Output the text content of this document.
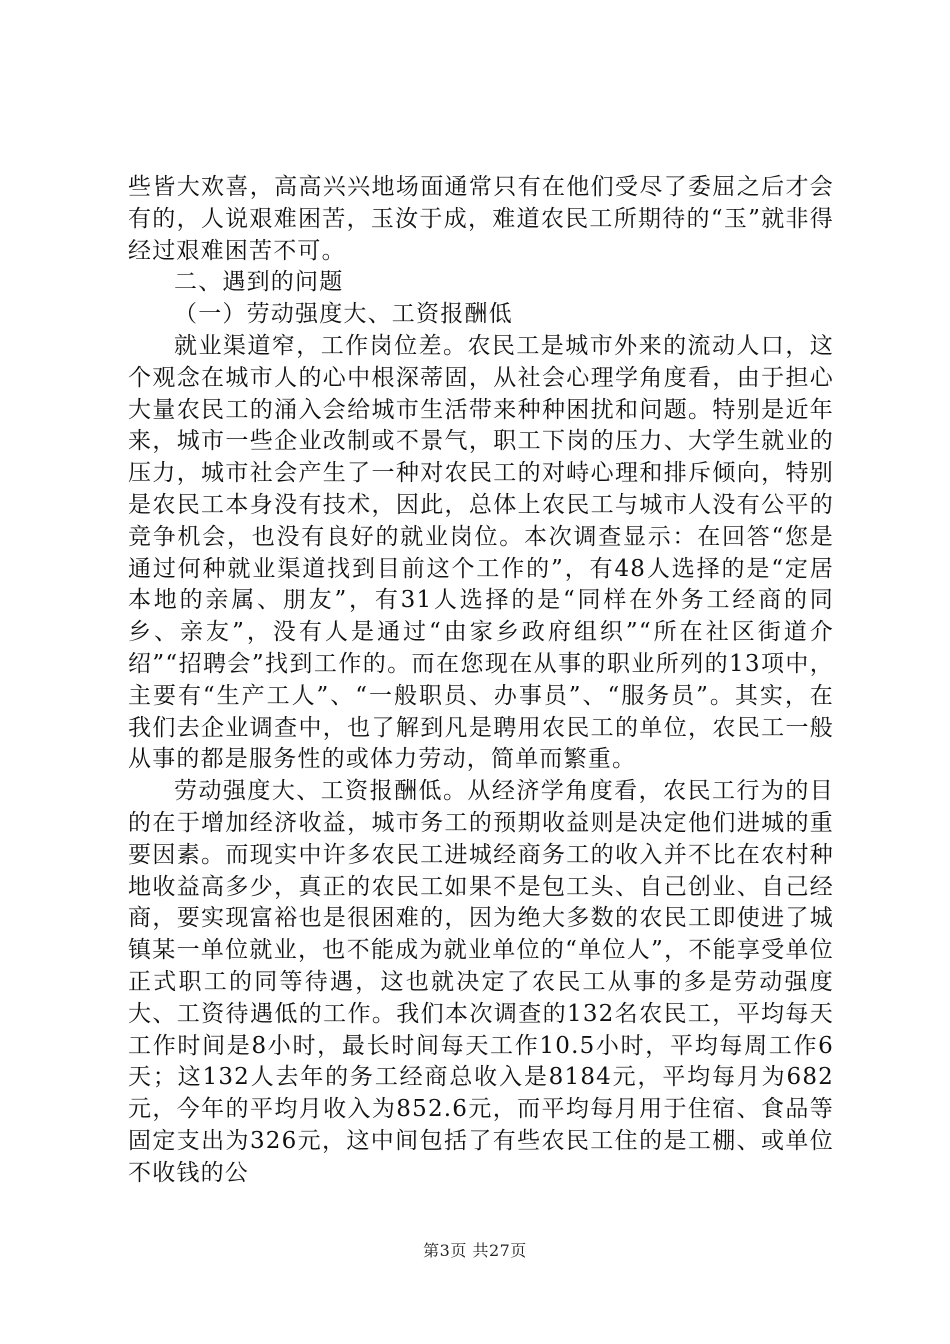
些皆大欢喜，高高兴兴地场面通常只有在他们受尽了委屈之后才会有的，人说艰难困苦，玉汝于成，难道农民工所期待的“玉”就非得经过艰难困苦不可。

二、遇到的问题

（一）劳动强度大、工资报酬低

就业渠道窄，工作岗位差。农民工是城市外来的流动人口，这个观念在城市人的心中根深蒂固，从社会心理学角度看，由于担心大量农民工的涌入会给城市生活带来种种困扰和问题。特别是近年来，城市一些企业改制或不景气，职工下岗的压力、大学生就业的压力，城市社会产生了一种对农民工的对峙心理和排斥倾向，特别是农民工本身没有技术，因此，总体上农民工与城市人没有公平的竞争机会，也没有良好的就业岗位。本次调查显示：在回答“您是通过何种就业渠道找到目前这个工作的”，有48人选择的是“定居本地的亲属、朋友”，有31人选择的是“同样在外务工经商的同乡、亲友”，没有人是通过“由家乡政府组织”“所在社区街道介绍”“招聘会”找到工作的。而在您现在从事的职业所列的13项中，主要有“生产工人”、“一般职员、办事员”、“服务员”。其实，在我们去企业调查中，也了解到凡是聘用农民工的单位，农民工一般从事的都是服务性的或体力劳动，简单而繁重。

劳动强度大、工资报酬低。从经济学角度看，农民工行为的目的在于增加经济收益，城市务工的预期收益则是决定他们进城的重要因素。而现实中许多农民工进城经商务工的收入并不比在农村种地收益高多少，真正的农民工如果不是包工头、自己创业、自己经商，要实现富裕也是很困难的，因为绝大多数的农民工即使进了城镇某一单位就业，也不能成为就业单位的“单位人”，不能享受单位正式职工的同等待遇，这也就决定了农民工从事的多是劳动强度大、工资待遇低的工作。我们本次调查的132名农民工，平均每天工作时间是8小时，最长时间每天工作10.5小时，平均每周工作6天；这132人去年的务工经商总收入是8184元，平均每月为682元，今年的平均月收入为852.6元，而平均每月用于住宿、食品等固定支出为326元，这中间包括了有些农民工住的是工棚、或单位不收钱的公

第3页 共27页
